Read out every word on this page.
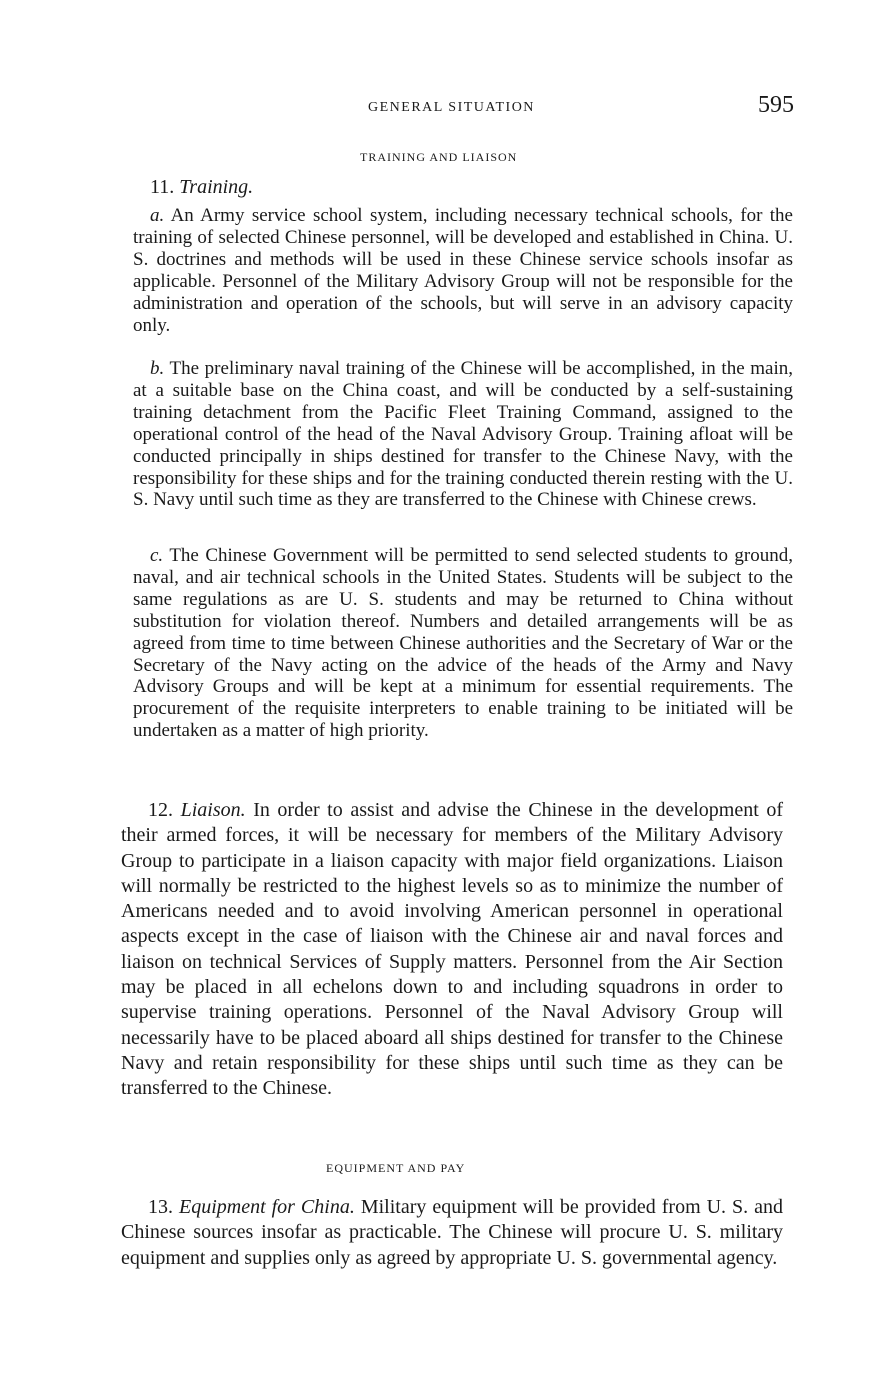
GENERAL SITUATION	595
TRAINING AND LIAISON
11. Training.

a. An Army service school system, including necessary technical schools, for the training of selected Chinese personnel, will be developed and established in China. U. S. doctrines and methods will be used in these Chinese service schools insofar as applicable. Personnel of the Military Advisory Group will not be responsible for the administration and operation of the schools, but will serve in an advisory capacity only.

b. The preliminary naval training of the Chinese will be accomplished, in the main, at a suitable base on the China coast, and will be conducted by a self-sustaining training detachment from the Pacific Fleet Training Command, assigned to the operational control of the head of the Naval Advisory Group. Training afloat will be conducted principally in ships destined for transfer to the Chinese Navy, with the responsibility for these ships and for the training conducted therein resting with the U. S. Navy until such time as they are transferred to the Chinese with Chinese crews.

c. The Chinese Government will be permitted to send selected students to ground, naval, and air technical schools in the United States. Students will be subject to the same regulations as are U. S. students and may be returned to China without substitution for violation thereof. Numbers and detailed arrangements will be as agreed from time to time between Chinese authorities and the Secretary of War or the Secretary of the Navy acting on the advice of the heads of the Army and Navy Advisory Groups and will be kept at a minimum for essential requirements. The procurement of the requisite interpreters to enable training to be initiated will be undertaken as a matter of high priority.

12. Liaison. In order to assist and advise the Chinese in the development of their armed forces, it will be necessary for members of the Military Advisory Group to participate in a liaison capacity with major field organizations. Liaison will normally be restricted to the highest levels so as to minimize the number of Americans needed and to avoid involving American personnel in operational aspects except in the case of liaison with the Chinese air and naval forces and liaison on technical Services of Supply matters. Personnel from the Air Section may be placed in all echelons down to and including squadrons in order to supervise training operations. Personnel of the Naval Advisory Group will necessarily have to be placed aboard all ships destined for transfer to the Chinese Navy and retain responsibility for these ships until such time as they can be transferred to the Chinese.

EQUIPMENT AND PAY

13. Equipment for China. Military equipment will be provided from U. S. and Chinese sources insofar as practicable. The Chinese will procure U. S. military equipment and supplies only as agreed by appropriate U. S. governmental agency.
